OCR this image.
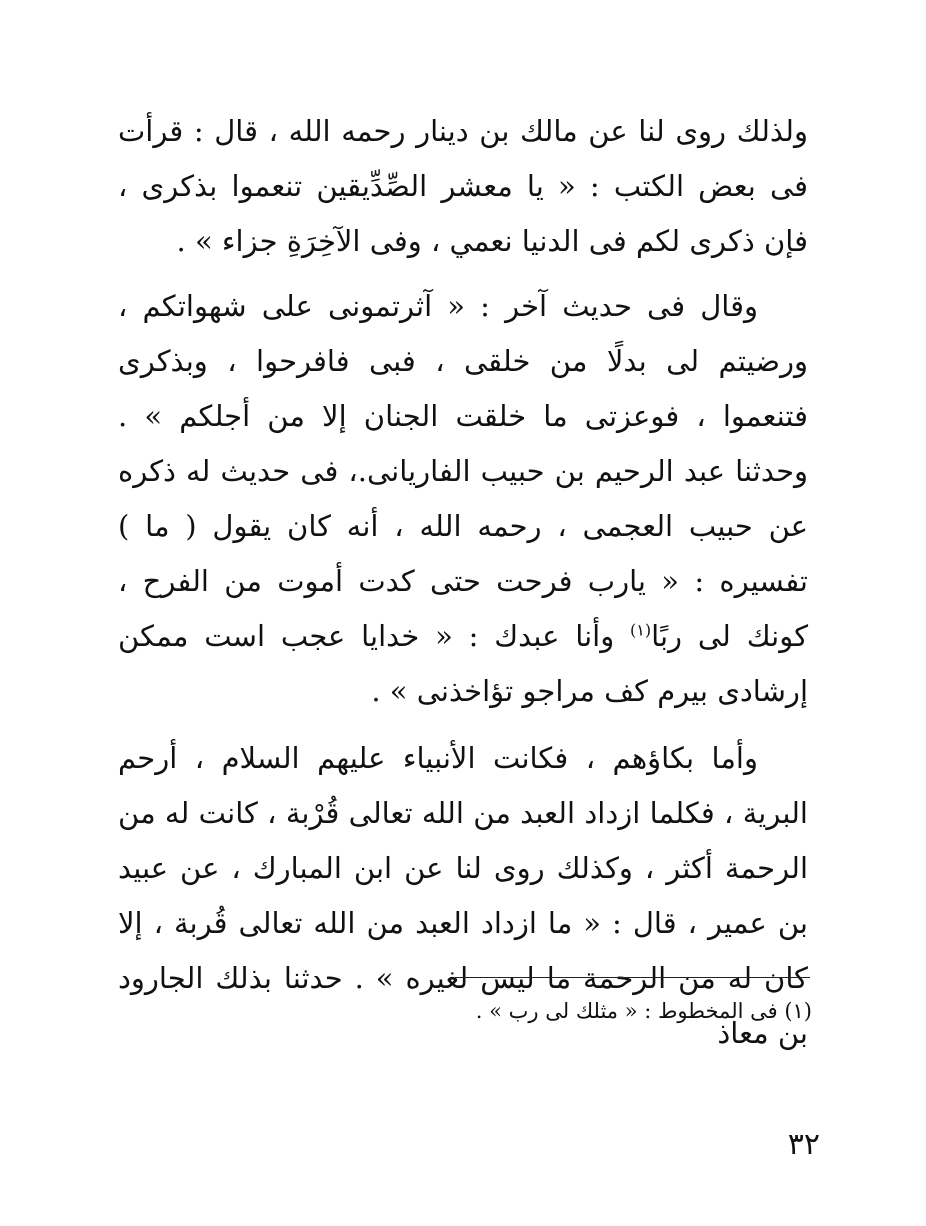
ولذلك روى لنا عن مالك بن دينار رحمه الله ، قال : قرأت فى بعض الكتب : « يا معشر الصِّدِّيقين تنعموا بذكرى ، فإن ذكرى لكم فى الدنيا نعمي ، وفى الآخِرَةِ جزاء » .

وقال فى حديث آخر : « آثرتمونى على شهواتكم ، ورضيتم لى بدلًا من خلقى ، فبى فافرحوا ، وبذكرى فتنعموا ، فوعزتى ما خلقت الجنان إلا من أجلكم » . وحدثنا عبد الرحيم بن حبيب الفاريانى.، فى حديث له ذكره عن حبيب العجمى ، رحمه الله ، أنه كان يقول ( ما ) تفسيره : « يارب فرحت حتى كدت أموت من الفرح ، كونك لى ربًا$^{(١)}$ وأنا عبدك : « خدايا عجب است ممكن إرشادى بيرم كف مراجو تؤاخذنى » .

وأما بكاؤهم ، فكانت الأنبياء عليهم السلام ، أرحم البرية ، فكلما ازداد العبد من الله تعالى قُرْبة ، كانت له من الرحمة أكثر ، وكذلك روى لنا عن ابن المبارك ، عن عبيد بن عمير ، قال : « ما ازداد العبد من الله تعالى قُربة ، إلا كان له من الرحمة ما ليس لغيره » . حدثنا بذلك الجارود بن معاذ

(١) فى المخطوط : « مثلك لى رب » .
٣٢
